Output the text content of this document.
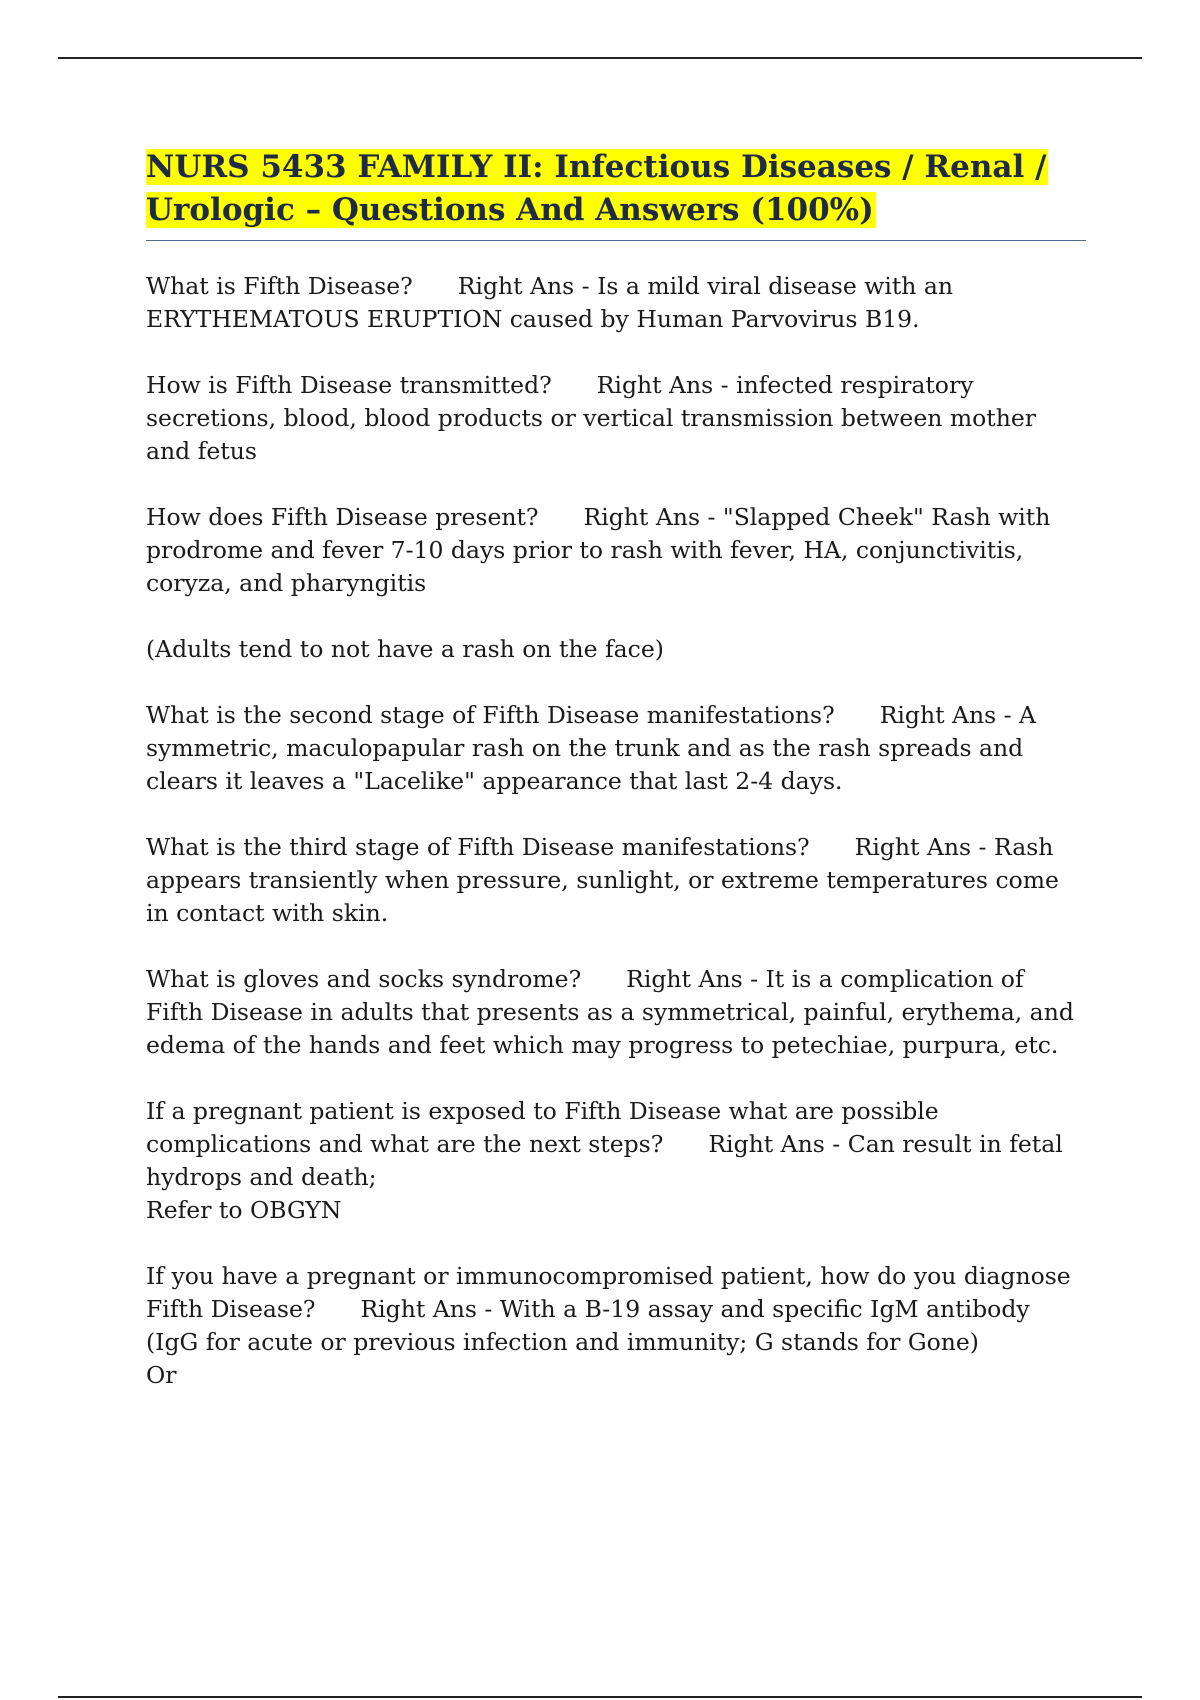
NURS 5433 FAMILY II: Infectious Diseases / Renal / Urologic – Questions And Answers (100%)

What is Fifth Disease? Right Ans - Is a mild viral disease with an ERYTHEMATOUS ERUPTION caused by Human Parvovirus B19.

How is Fifth Disease transmitted? Right Ans - infected respiratory secretions, blood, blood products or vertical transmission between mother and fetus

How does Fifth Disease present? Right Ans - "Slapped Cheek" Rash with prodrome and fever 7-10 days prior to rash with fever, HA, conjunctivitis, coryza, and pharyngitis

(Adults tend to not have a rash on the face)

What is the second stage of Fifth Disease manifestations? Right Ans - A symmetric, maculopapular rash on the trunk and as the rash spreads and clears it leaves a "Lacelike" appearance that last 2-4 days.

What is the third stage of Fifth Disease manifestations? Right Ans - Rash appears transiently when pressure, sunlight, or extreme temperatures come in contact with skin.

What is gloves and socks syndrome? Right Ans - It is a complication of Fifth Disease in adults that presents as a symmetrical, painful, erythema, and edema of the hands and feet which may progress to petechiae, purpura, etc.

If a pregnant patient is exposed to Fifth Disease what are possible complications and what are the next steps? Right Ans - Can result in fetal hydrops and death;
Refer to OBGYN

If you have a pregnant or immunocompromised patient, how do you diagnose Fifth Disease? Right Ans - With a B-19 assay and specific IgM antibody (IgG for acute or previous infection and immunity; G stands for Gone)
Or
